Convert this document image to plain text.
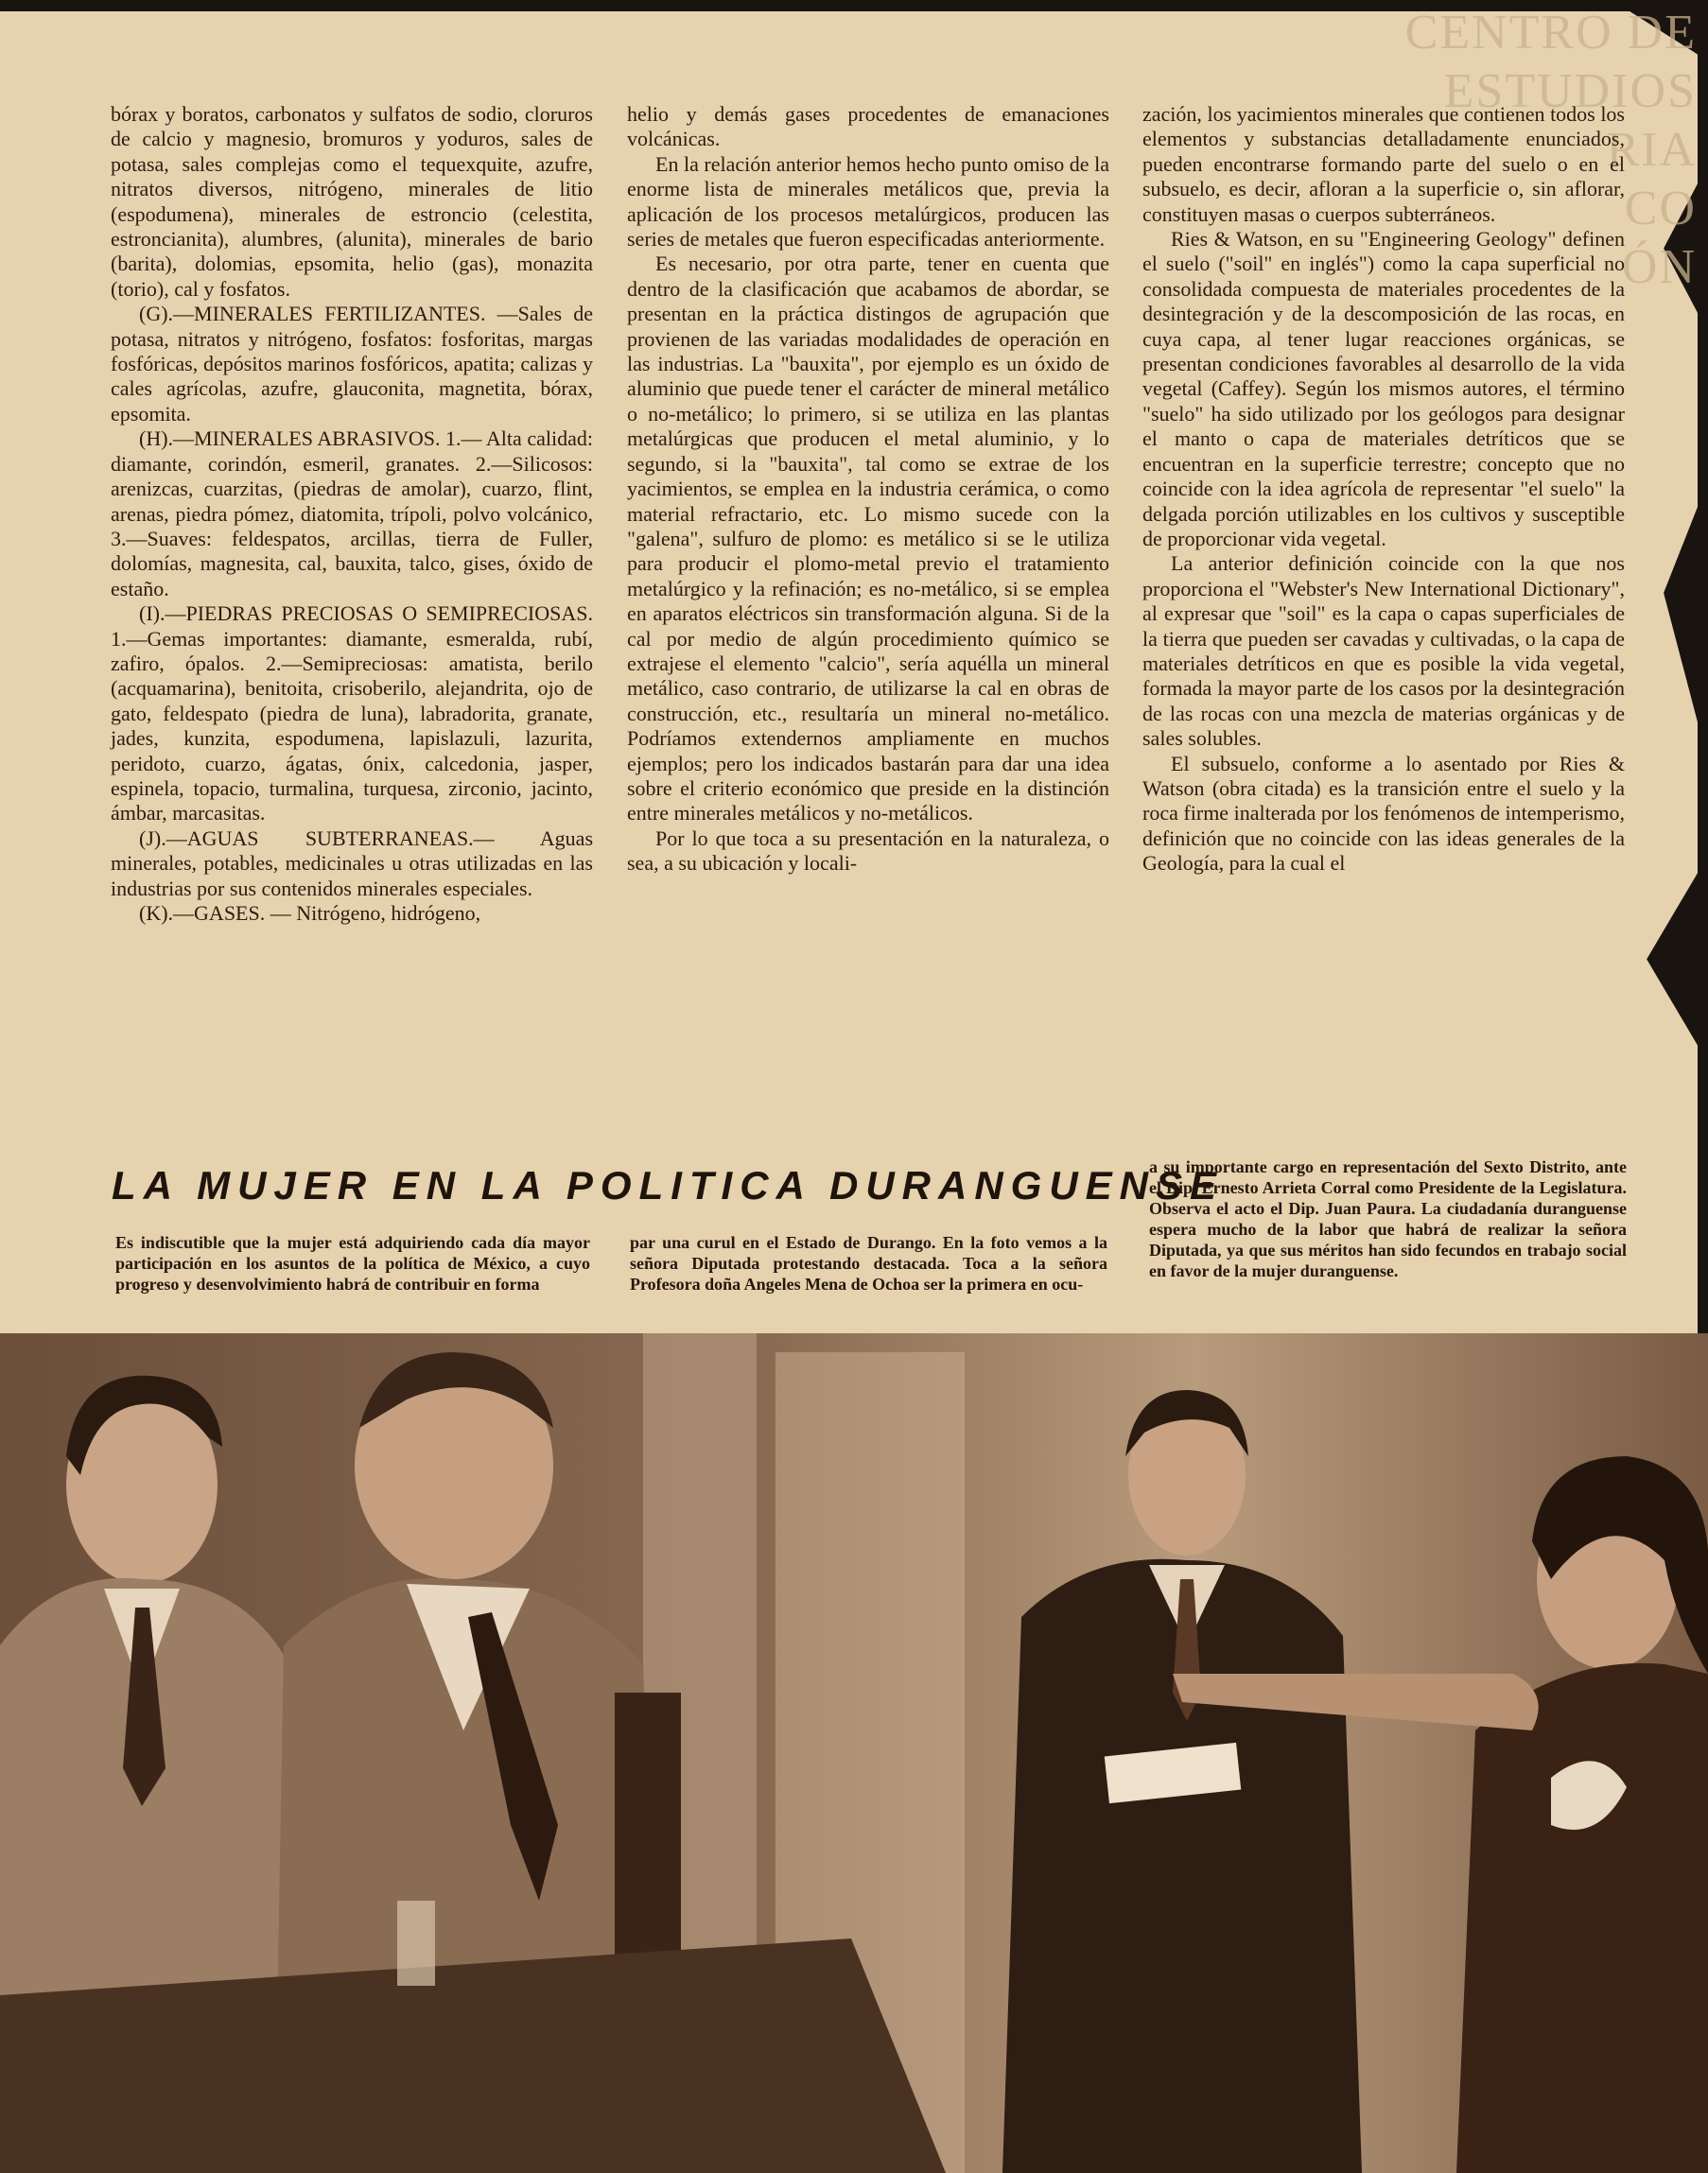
CENTRO DE
ESTUDIOS
RIA
CO
ÓN

bórax y boratos, carbonatos y sulfatos de sodio, cloruros de calcio y magnesio, bromuros y yoduros, sales de potasa, sales complejas como el tequexquite, azufre, nitratos diversos, nitrógeno, minerales de litio (espodumena), minerales de estroncio (celestita, estroncianita), alumbres, (alunita), minerales de bario (barita), dolomias, epsomita, helio (gas), monazita (torio), cal y fosfatos.

(G).—MINERALES FERTILIZANTES. —Sales de potasa, nitratos y nitrógeno, fosfatos: fosforitas, margas fosfóricas, depósitos marinos fosfóricos, apatita; calizas y cales agrícolas, azufre, glauconita, magnetita, bórax, epsomita.

(H).—MINERALES ABRASIVOS. 1.— Alta calidad: diamante, corindón, esmeril, granates. 2.—Silicosos: arenizcas, cuarzitas, (piedras de amolar), cuarzo, flint, arenas, piedra pómez, diatomita, trípoli, polvo volcánico, 3.—Suaves: feldespatos, arcillas, tierra de Fuller, dolomías, magnesita, cal, bauxita, talco, gises, óxido de estaño.

(I).—PIEDRAS PRECIOSAS O SEMIPRECIOSAS. 1.—Gemas importantes: diamante, esmeralda, rubí, zafiro, ópalos. 2.—Semipreciosas: amatista, berilo (acquamarina), benitoita, crisoberilo, alejandrita, ojo de gato, feldespato (piedra de luna), labradorita, granate, jades, kunzita, espodumena, lapislazuli, lazurita, peridoto, cuarzo, ágatas, ónix, calcedonia, jasper, espinela, topacio, turmalina, turquesa, zirconio, jacinto, ámbar, marcasitas.

(J).—AGUAS SUBTERRANEAS.— Aguas minerales, potables, medicinales u otras utilizadas en las industrias por sus contenidos minerales especiales.

(K).—GASES. — Nitrógeno, hidrógeno,

helio y demás gases procedentes de emanaciones volcánicas.

En la relación anterior hemos hecho punto omiso de la enorme lista de minerales metálicos que, previa la aplicación de los procesos metalúrgicos, producen las series de metales que fueron especificadas anteriormente.

Es necesario, por otra parte, tener en cuenta que dentro de la clasificación que acabamos de abordar, se presentan en la práctica distingos de agrupación que provienen de las variadas modalidades de operación en las industrias. La "bauxita", por ejemplo es un óxido de aluminio que puede tener el carácter de mineral metálico o no-metálico; lo primero, si se utiliza en las plantas metalúrgicas que producen el metal aluminio, y lo segundo, si la "bauxita", tal como se extrae de los yacimientos, se emplea en la industria cerámica, o como material refractario, etc. Lo mismo sucede con la "galena", sulfuro de plomo: es metálico si se le utiliza para producir el plomo-metal previo el tratamiento metalúrgico y la refinación; es no-metálico, si se emplea en aparatos eléctricos sin transformación alguna. Si de la cal por medio de algún procedimiento químico se extrajese el elemento "calcio", sería aquélla un mineral metálico, caso contrario, de utilizarse la cal en obras de construcción, etc., resultaría un mineral no-metálico. Podríamos extendernos ampliamente en muchos ejemplos; pero los indicados bastarán para dar una idea sobre el criterio económico que preside en la distinción entre minerales metálicos y no-metálicos.

Por lo que toca a su presentación en la naturaleza, o sea, a su ubicación y locali-

zación, los yacimientos minerales que contienen todos los elementos y substancias detalladamente enunciados, pueden encontrarse formando parte del suelo o en el subsuelo, es decir, afloran a la superficie o, sin aflorar, constituyen masas o cuerpos subterráneos.

Ries & Watson, en su "Engineering Geology" definen el suelo ("soil" en inglés") como la capa superficial no consolidada compuesta de materiales procedentes de la desintegración y de la descomposición de las rocas, en cuya capa, al tener lugar reacciones orgánicas, se presentan condiciones favorables al desarrollo de la vida vegetal (Caffey). Según los mismos autores, el término "suelo" ha sido utilizado por los geólogos para designar el manto o capa de materiales detríticos que se encuentran en la superficie terrestre; concepto que no coincide con la idea agrícola de representar "el suelo" la delgada porción utilizables en los cultivos y susceptible de proporcionar vida vegetal.

La anterior definición coincide con la que nos proporciona el "Webster's New International Dictionary", al expresar que "soil" es la capa o capas superficiales de la tierra que pueden ser cavadas y cultivadas, o la capa de materiales detríticos en que es posible la vida vegetal, formada la mayor parte de los casos por la desintegración de las rocas con una mezcla de materias orgánicas y de sales solubles.

El subsuelo, conforme a lo asentado por Ries & Watson (obra citada) es la transición entre el suelo y la roca firme inalterada por los fenómenos de intemperismo, definición que no coincide con las ideas generales de la Geología, para la cual el

LA MUJER EN LA POLITICA DURANGUENSE
Es indiscutible que la mujer está adquiriendo cada día mayor participación en los asuntos de la política de México, a cuyo progreso y desenvolvimiento habrá de contribuir en forma
par una curul en el Estado de Durango. En la foto vemos a la señora Diputada protestando destacada. Toca a la señora Profesora doña Angeles Mena de Ochoa ser la primera en ocu-
a su importante cargo en representación del Sexto Distrito, ante el Dip. Ernesto Arrieta Corral como Presidente de la Legislatura. Observa el acto el Dip. Juan Paura. La ciudadanía duranguense espera mucho de la labor que habrá de realizar la señora Diputada, ya que sus méritos han sido fecundos en trabajo social en favor de la mujer duranguense.
